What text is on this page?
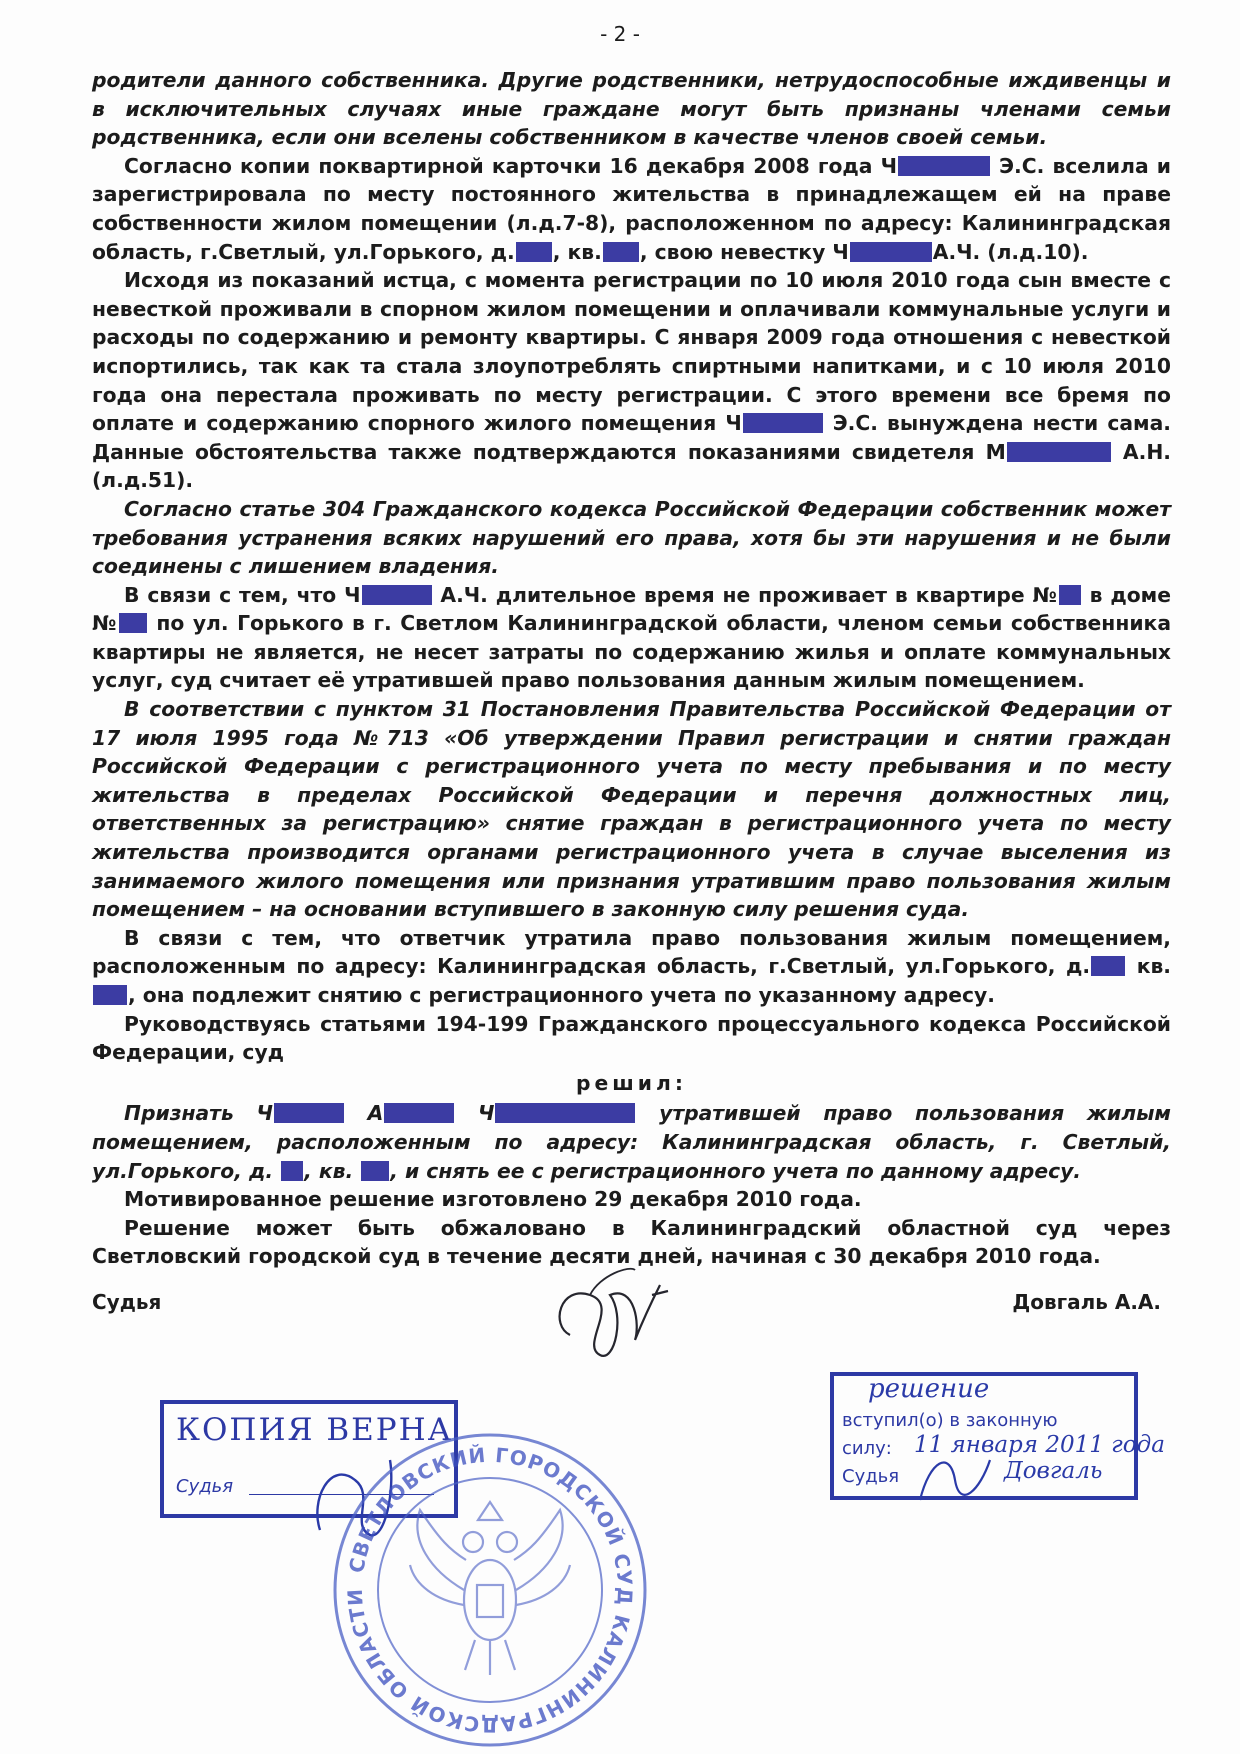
- 2 -

родители данного собственника. Другие родственники, нетрудоспособные иждивенцы и в исключительных случаях иные граждане могут быть признаны членами семьи родственника, если они вселены собственником в качестве членов своей семьи.

Согласно копии поквартирной карточки 16 декабря 2008 года Ч	Э.С. вселила и зарегистрировала по месту постоянного жительства в принадлежащем ей на праве собственности жилом помещении (л.д.7-8), расположенном по адресу: Калининградская область, г.Светлый, ул.Горького, д. , кв. , свою невестку Ч	А.Ч. (л.д.10).

Исходя из показаний истца, с момента регистрации по 10 июля 2010 года сын вместе с невесткой проживали в спорном жилом помещении и оплачивали коммунальные услуги и расходы по содержанию и ремонту квартиры. С января 2009 года отношения с невесткой испортились, так как та стала злоупотреблять спиртными напитками, и с 10 июля 2010 года она перестала проживать по месту регистрации. С этого времени все бремя по оплате и содержанию спорного жилого помещения Ч	Э.С. вынуждена нести сама. Данные обстоятельства также подтверждаются показаниями свидетеля М	А.Н. (л.д.51).

Согласно статье 304 Гражданского кодекса Российской Федерации собственник может требования устранения всяких нарушений его права, хотя бы эти нарушения и не были соединены с лишением владения.

В связи с тем, что Ч	А.Ч. длительное время не проживает в квартире № в доме № по ул. Горького в г. Светлом Калининградской области, членом семьи собственника квартиры не является, не несет затраты по содержанию жилья и оплате коммунальных услуг, суд считает её утратившей право пользования данным жилым помещением.

В соответствии с пунктом 31 Постановления Правительства Российской Федерации от 17 июля 1995 года №713 «Об утверждении Правил регистрации и снятии граждан Российской Федерации с регистрационного учета по месту пребывания и по месту жительства в пределах Российской Федерации и перечня должностных лиц, ответственных за регистрацию» снятие граждан в регистрационного учета по месту жительства производится органами регистрационного учета в случае выселения из занимаемого жилого помещения или признания утратившим право пользования жилым помещением – на основании вступившего в законную силу решения суда.

В связи с тем, что ответчик утратила право пользования жилым помещением, расположенным по адресу: Калининградская область, г.Светлый, ул.Горького, д. кв., она подлежит снятию с регистрационного учета по указанному адресу.

Руководствуясь статьями 194-199 Гражданского процессуального кодекса Российской Федерации, суд

решил:

Признать Ч	А	Ч	утратившей право пользования жилым помещением, расположенным по адресу: Калининградская область, г. Светлый, ул.Горького, д. , кв. , и снять ее с регистрационного учета по данному адресу.

Мотивированное решение изготовлено 29 декабря 2010 года.

Решение может быть обжаловано в Калининградский областной суд через Светловский городской суд в течение десяти дней, начиная с 30 декабря 2010 года.

Судья	Довгаль А.А.
КОПИЯ ВЕРНА
Судья
решение
вступил(о) в законную
силу: 11 января 2011 года
Судья	Довгаль
СВЕТЛОВСКИЙ ГОРОДСКОЙ СУД КАЛИНИНГРАДСКОЙ ОБЛАСТИ
